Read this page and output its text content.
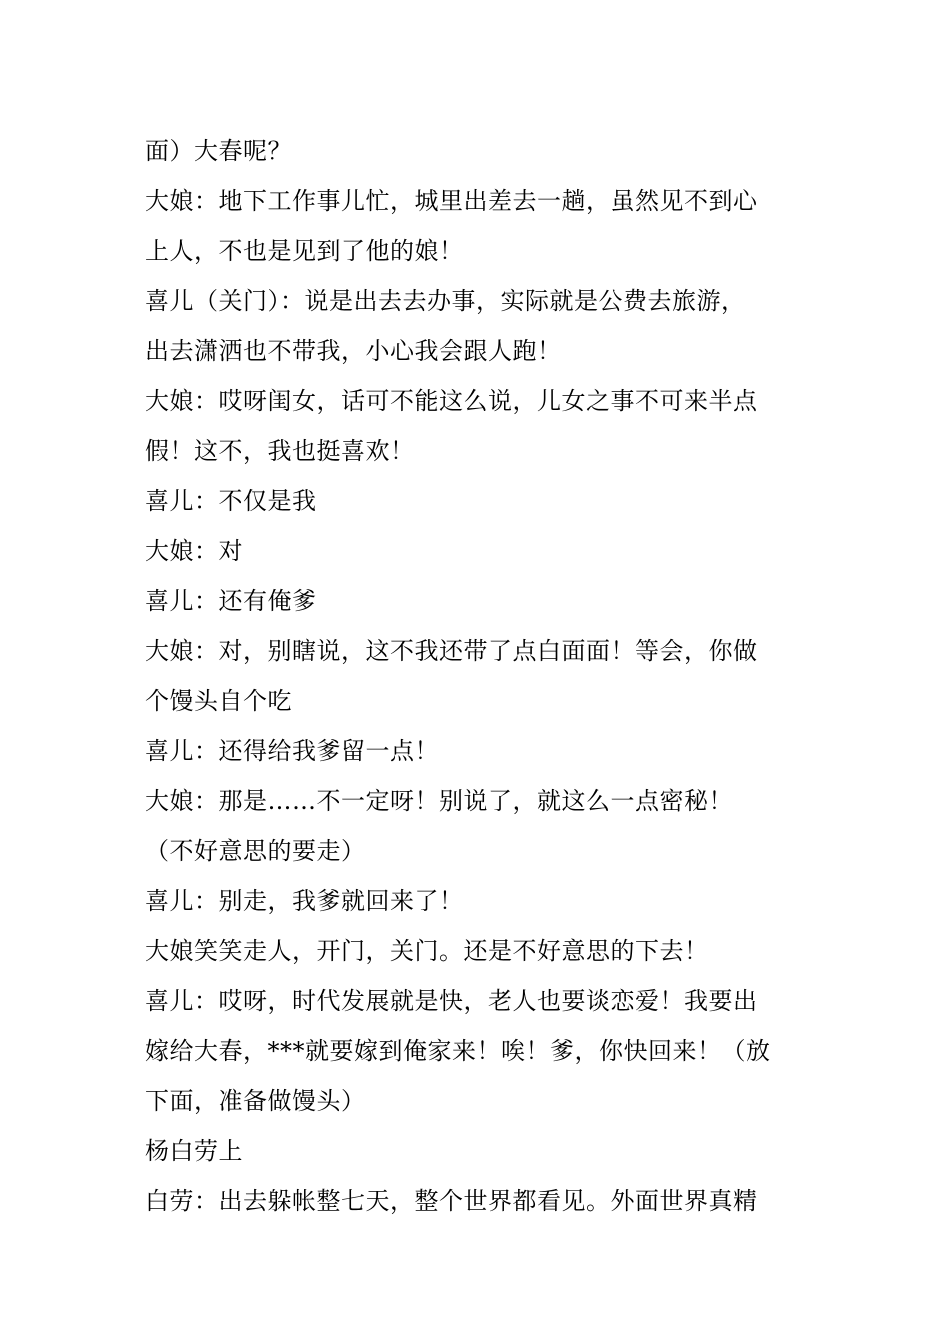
面）大春呢？
大娘：地下工作事儿忙，城里出差去一趟，虽然见不到心
上人，不也是见到了他的娘！
喜儿（关门）：说是出去去办事，实际就是公费去旅游，
出去潇洒也不带我，小心我会跟人跑！
大娘：哎呀闺女，话可不能这么说，儿女之事不可来半点
假！这不，我也挺喜欢！
喜儿：不仅是我
大娘：对
喜儿：还有俺爹
大娘：对，别瞎说，这不我还带了点白面面！等会，你做
个馒头自个吃
喜儿：还得给我爹留一点！
大娘：那是……不一定呀！别说了，就这么一点密秘！
（不好意思的要走）
喜儿：别走，我爹就回来了！
大娘笑笑走人，开门，关门。还是不好意思的下去！
喜儿：哎呀，时代发展就是快，老人也要谈恋爱！我要出
嫁给大春，***就要嫁到俺家来！唉！爹，你快回来！（放
下面，准备做馒头）
杨白劳上
白劳：出去躲帐整七天，整个世界都看见。外面世界真精
